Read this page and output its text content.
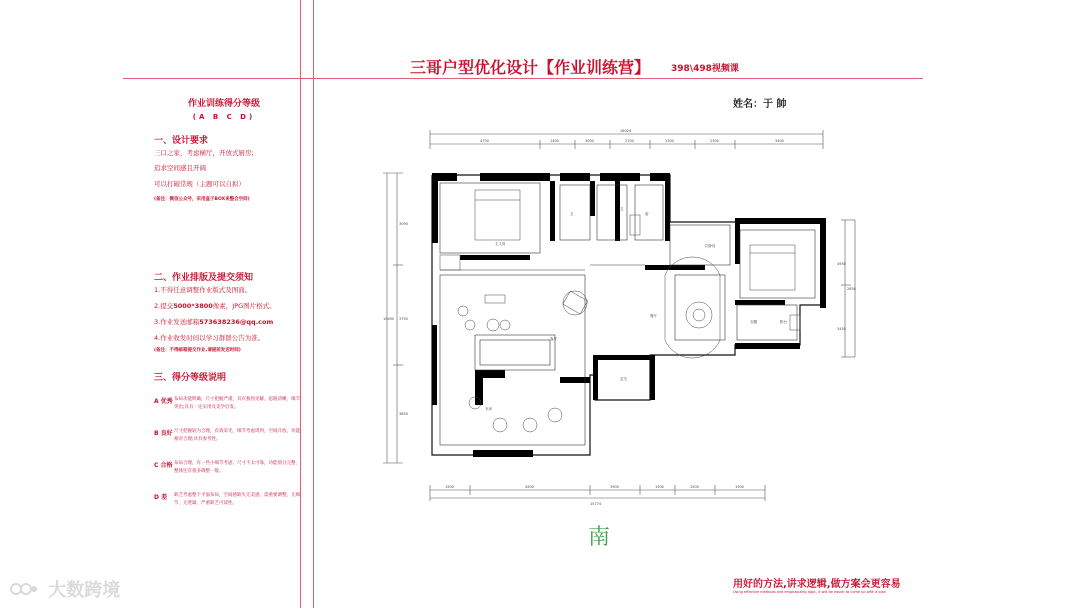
三哥户型优化设计【作业训练营】 398\498视频课
姓名：于 帥
作业训练得分等级
(A B C D)
一、设计要求
三口之家，考虑横厅，开放式厨房;
追求空间感且开阔
可以打破常规（主题可以自拟）
(备注：微信公众号，采用盒子BOX来整合空间)
二、作业排版及提交须知
1.不得任意调整作业版式及图面。
2.提交5000*3800像素，JPG图片格式。
3.作业发送邮箱573638236@qq.com
4.作业收发时间以学习群群公告为准。
(备注：不得邮箱提交作业,请提前发送时间)
三、得分等级说明
A 优秀 布局功能明确，尺寸把握严谨，具有独到见解，思路清晰，细节突出;具有一定实用及美学启发。
B 良好 尺寸把握较为合理，有效采光，细节考虑周到，空间开放，功能相对合理;具有参考性。
C 合格 布局合理，有一些小细节考虑；尺寸不太可靠，功能划分完整，整体还有很多调整一般。
D 差 缺乏考虑整个平面布局，空间感缺失无美感，需重要调整，无细节，无逻辑，严重缺乏可读性。
16024
4750	1400	3000	2700	1300	2300	3400
3090
10490 3750
3850
4950
2850
3450
1500	4500	1900	1500	1500	1900
15774
主人房
卫
卫
厨
次卧房
客厅
餐厅
衣帽
书房
玄关
阳台
南
用好的方法,讲求逻辑,做方案会更容易
Using effective methods and emphasizing logic, it will be easier to come up with a plan
大数跨境
